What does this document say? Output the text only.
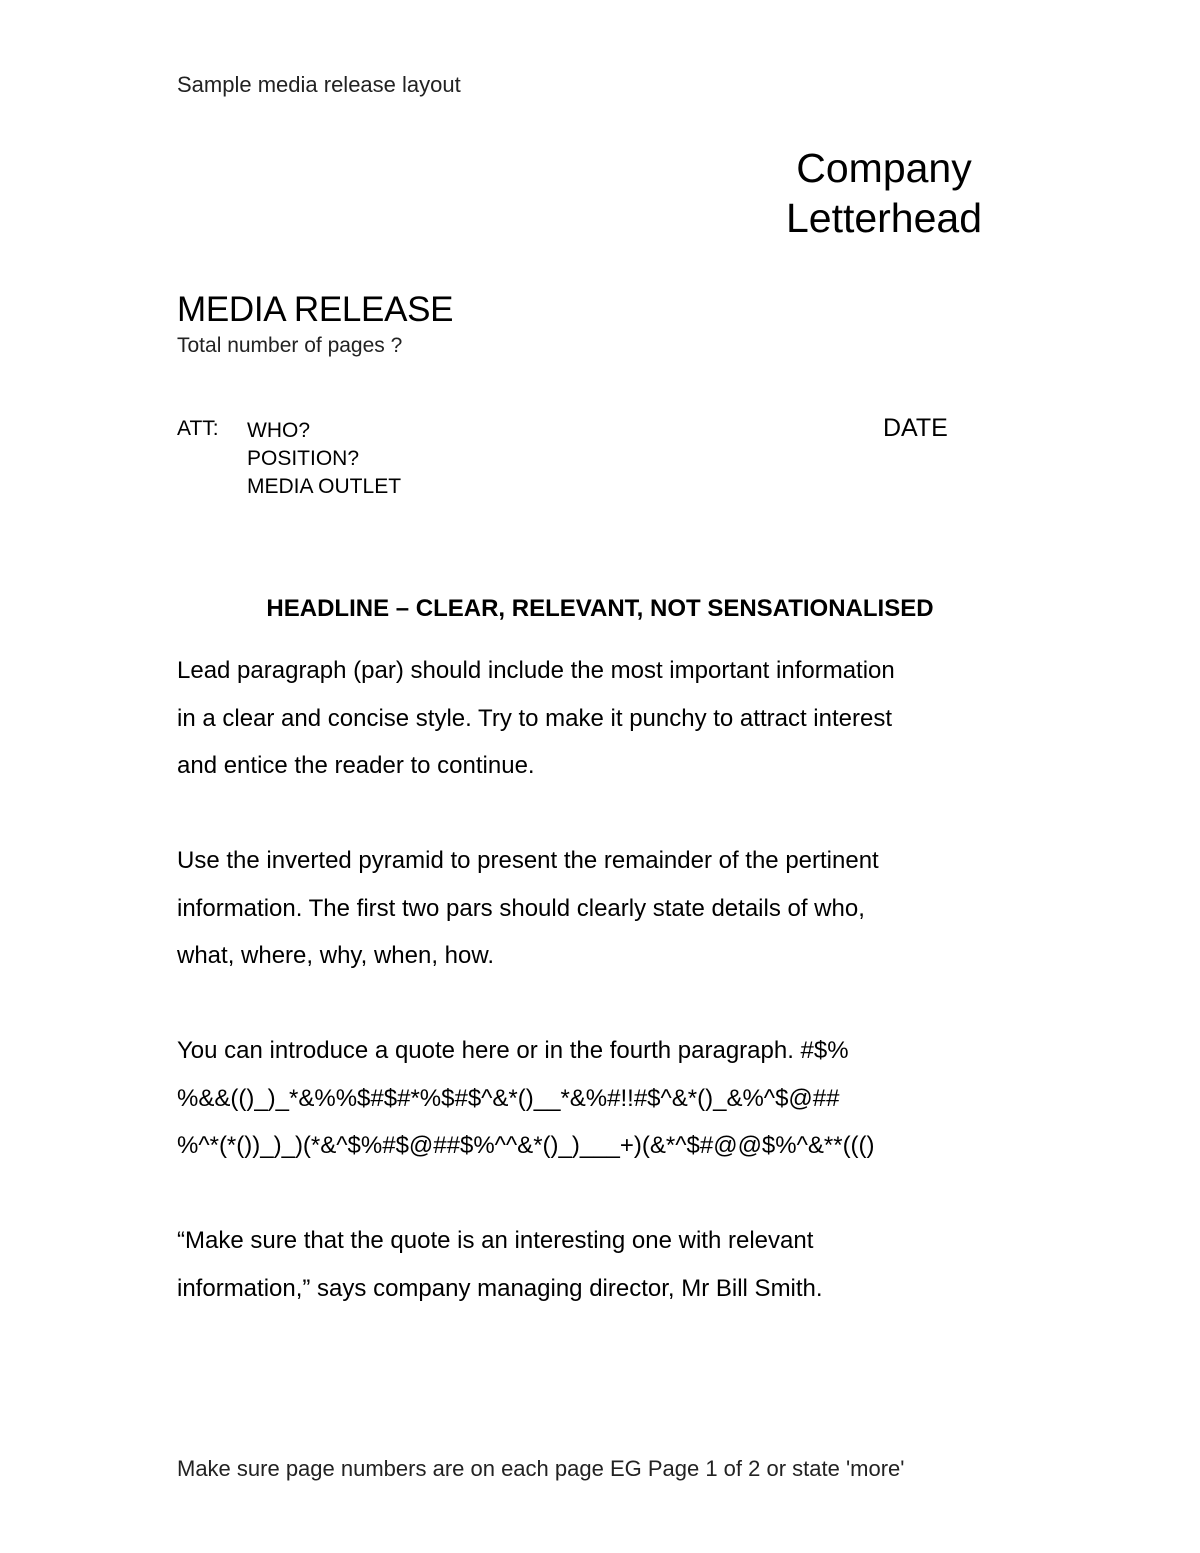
Sample media release layout
Company
Letterhead
MEDIA RELEASE
Total number of pages ?
ATT: WHO?
POSITION?
MEDIA OUTLET
DATE
HEADLINE – CLEAR, RELEVANT, NOT SENSATIONALISED
Lead paragraph (par) should include the most important information
in a clear and concise style. Try to make it punchy to attract interest
and entice the reader to continue.
Use the inverted pyramid to present the remainder of the pertinent
information. The first two pars should clearly state details of who,
what, where, why, when, how.
You can introduce a quote here or in the fourth paragraph. #$%
%&&(()_)_*&%%$#$#*%$#$^&*()__*&%#!!#$^&*()_&%^$@##
%^*(*())_)_)(*&^$%#$@##$%^^&*()_)___+)(&*^$#@@$%^&**((()
“Make sure that the quote is an interesting one with relevant
information,” says company managing director, Mr Bill Smith.
Make sure page numbers are on each page EG Page 1 of 2 or state 'more'
